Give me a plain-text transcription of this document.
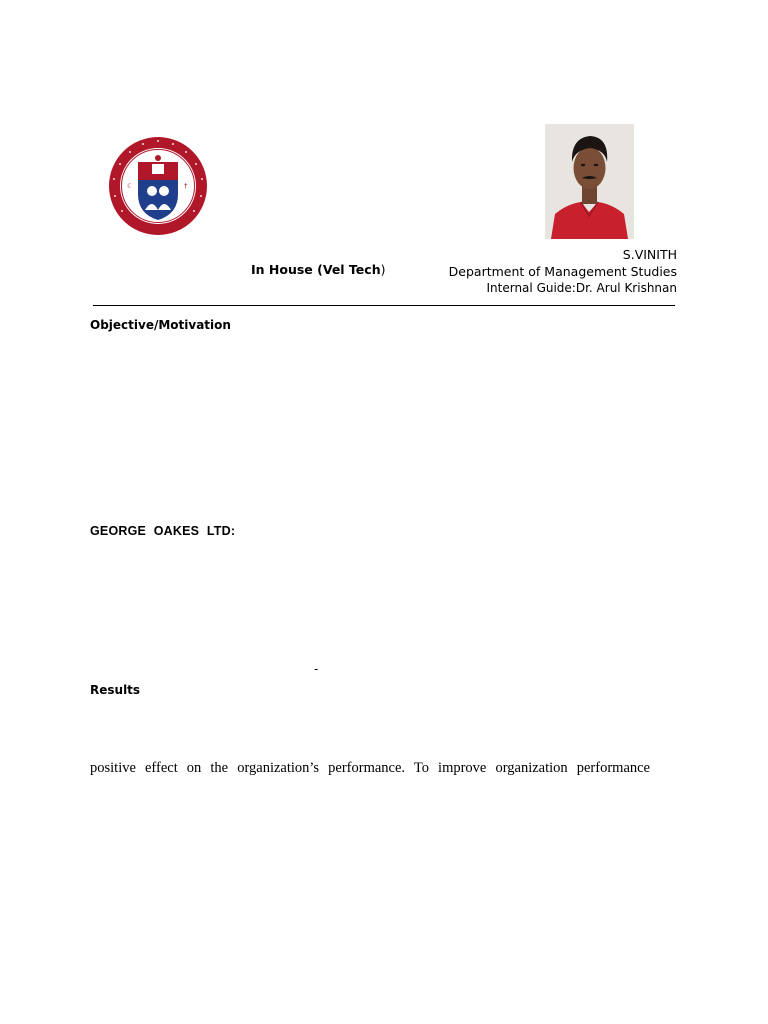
☾	†
S.VINITH
Department of Management Studies
Internal Guide:Dr. Arul Krishnan
In House (Vel Tech)
Objective/Motivation
GEORGE OAKES LTD:
-
Results
positive effect on the organization’s performance. To improve organization performance
